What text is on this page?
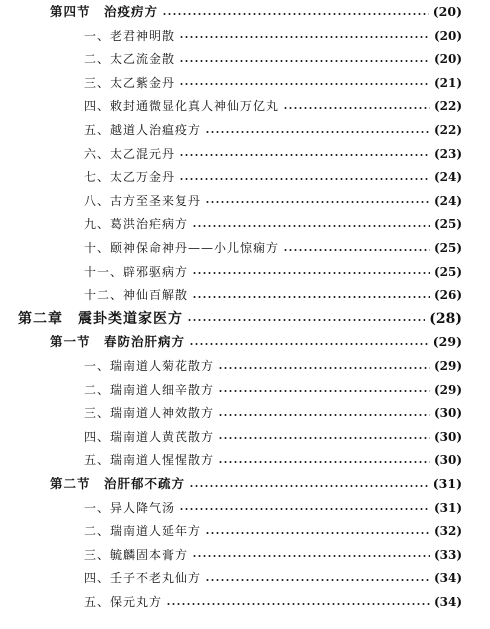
第四节　治疫疠方	(20)
一、老君神明散	(20)
二、太乙流金散	(20)
三、太乙紫金丹	(21)
四、敕封通微显化真人神仙万亿丸	(22)
五、越道人治瘟疫方	(22)
六、太乙混元丹	(23)
七、太乙万金丹	(24)
八、古方至圣来复丹	(24)
九、葛洪治疟病方	(25)
十、颐神保命神丹——小儿惊痫方	(25)
十一、辟邪驱病方	(25)
十二、神仙百解散	(26)
第二章　震卦类道家医方	(28)
第一节　春防治肝病方	(29)
一、瑞南道人菊花散方	(29)
二、瑞南道人细辛散方	(29)
三、瑞南道人神效散方	(30)
四、瑞南道人黄芪散方	(30)
五、瑞南道人惺惺散方	(30)
第二节　治肝郁不疏方	(31)
一、异人降气汤	(31)
二、瑞南道人延年方	(32)
三、毓麟固本膏方	(33)
四、壬子不老丸仙方	(34)
五、保元丸方	(34)
